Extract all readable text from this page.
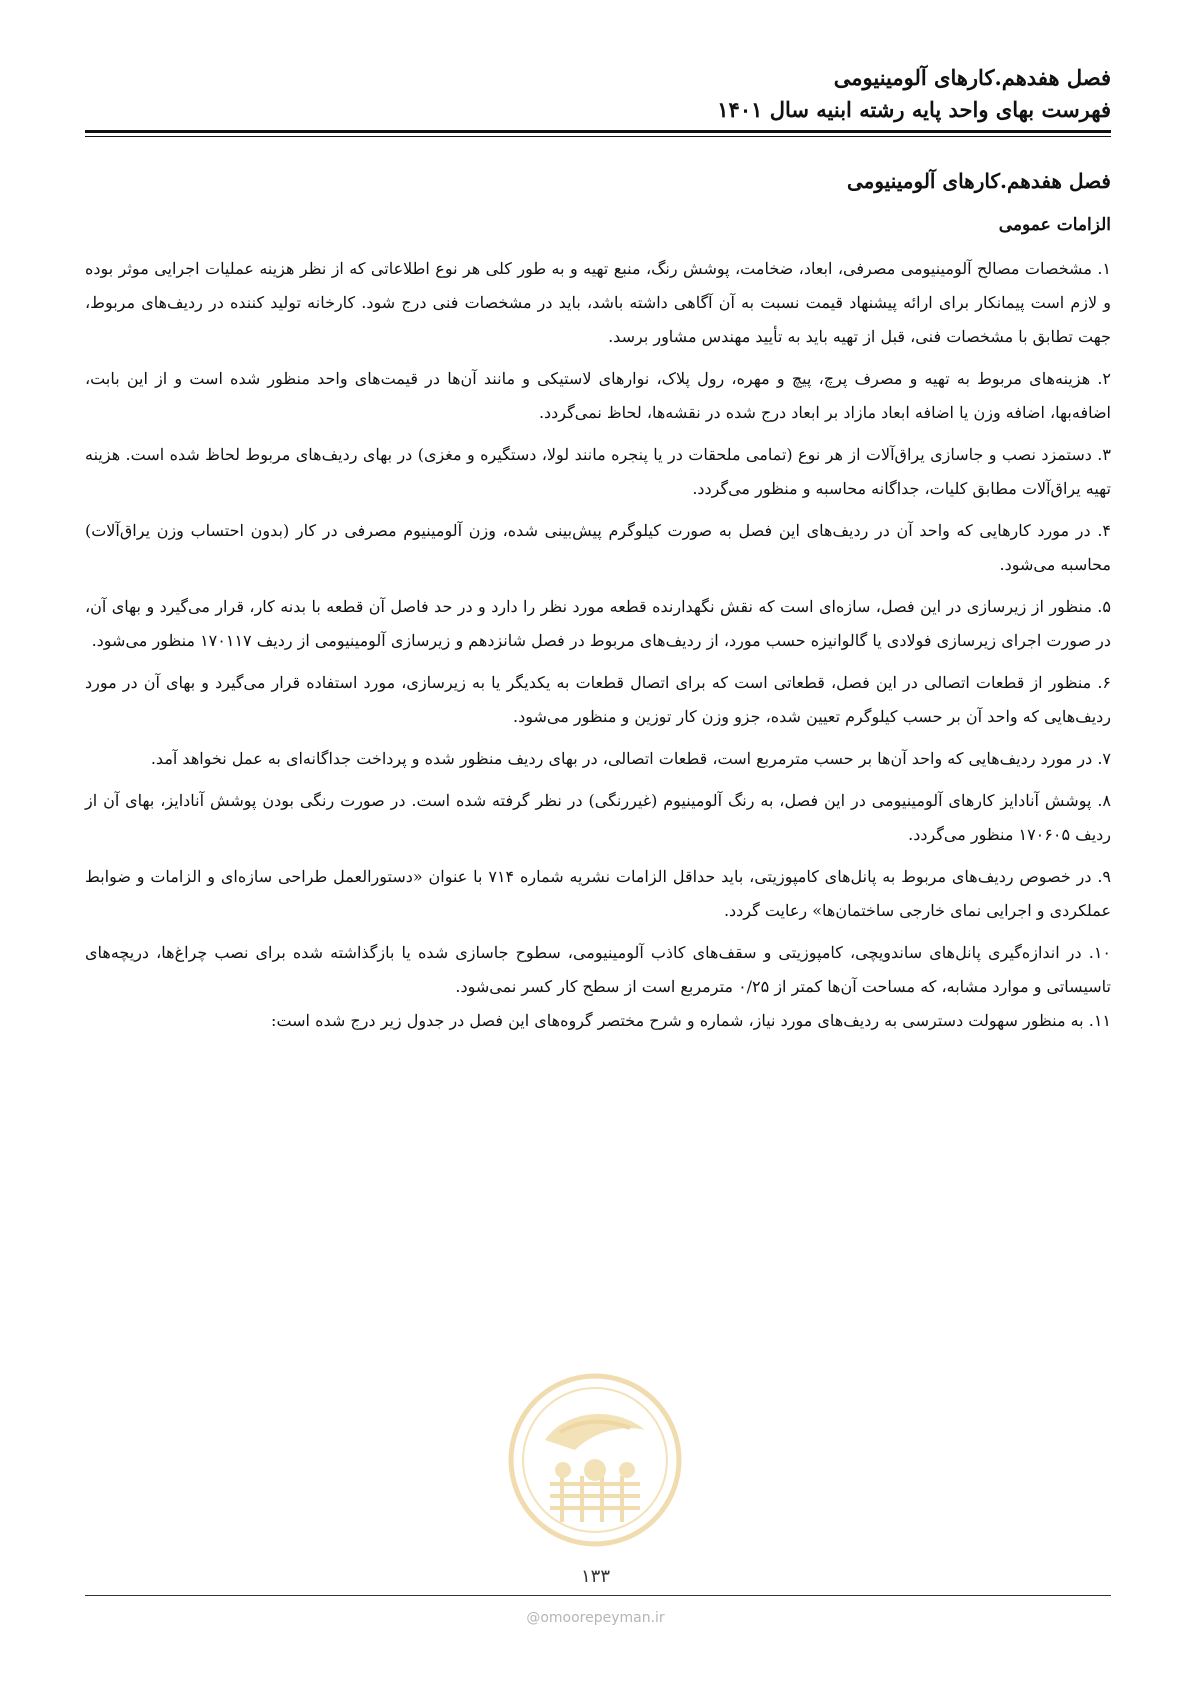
فصل هفدهم.کارهای آلومینیومی
فهرست بهای واحد پایه رشته ابنیه سال ۱۴۰۱
فصل هفدهم.کارهای آلومینیومی
الزامات عمومی

۱. مشخصات مصالح آلومینیومی مصرفی، ابعاد، ضخامت، پوشش رنگ، منبع تهیه و به طور کلی هر نوع اطلاعاتی که از نظر هزینه عملیات اجرایی موثر بوده و لازم است پیمانکار برای ارائه پیشنهاد قیمت نسبت به آن آگاهی داشته باشد، باید در مشخصات فنی درج شود. کارخانه تولید کننده در ردیف‌های مربوط، جهت تطابق با مشخصات فنی، قبل از تهیه باید به تأیید مهندس مشاور برسد.

۲. هزینه‌های مربوط به تهیه و مصرف پرچ، پیچ و مهره، رول پلاک، نوارهای لاستیکی و مانند آن‌ها در قیمت‌های واحد منظور شده است و از این بابت، اضافه‌بها، اضافه وزن یا اضافه ابعاد مازاد بر ابعاد درج شده در نقشه‌ها، لحاظ نمی‌گردد.

۳. دستمزد نصب و جاسازی یراق‌آلات از هر نوع (تمامی ملحقات در یا پنجره مانند لولا، دستگیره و مغزی) در بهای ردیف‌های مربوط لحاظ شده است. هزینه تهیه یراق‌آلات مطابق کلیات، جداگانه محاسبه و منظور می‌گردد.

۴. در مورد کارهایی که واحد آن در ردیف‌های این فصل به صورت کیلوگرم پیش‌بینی شده، وزن آلومینیوم مصرفی در کار (بدون احتساب وزن یراق‌آلات) محاسبه می‌شود.

۵. منظور از زیرسازی در این فصل، سازه‌ای است که نقش نگهدارنده قطعه مورد نظر را دارد و در حد فاصل آن قطعه با بدنه کار، قرار می‌گیرد و بهای آن، در صورت اجرای زیرسازی فولادی یا گالوانیزه حسب مورد، از ردیف‌های مربوط در فصل شانزدهم و زیرسازی آلومینیومی از ردیف ۱۷۰۱۱۷ منظور می‌شود.

۶. منظور از قطعات اتصالی در این فصل، قطعاتی است که برای اتصال قطعات به یکدیگر یا به زیرسازی، مورد استفاده قرار می‌گیرد و بهای آن در مورد ردیف‌هایی که واحد آن بر حسب کیلوگرم تعیین شده، جزو وزن کار توزین و منظور می‌شود.

۷. در مورد ردیف‌هایی که واحد آن‌ها بر حسب مترمربع است، قطعات اتصالی، در بهای ردیف منظور شده و پرداخت جداگانه‌ای به عمل نخواهد آمد.

۸. پوشش آنادایز کارهای آلومینیومی در این فصل، به رنگ آلومینیوم (غیررنگی) در نظر گرفته شده است. در صورت رنگی بودن پوشش آنادایز، بهای آن از ردیف ۱۷۰۶۰۵ منظور می‌گردد.

۹. در خصوص ردیف‌های مربوط به پانل‌های کامپوزیتی، باید حداقل الزامات نشریه شماره ۷۱۴ با عنوان «دستورالعمل طراحی سازه‌ای و الزامات و ضوابط عملکردی و اجرایی نمای خارجی ساختمان‌ها» رعایت گردد.

۱۰. در اندازه‌گیری پانل‌های ساندویچی، کامپوزیتی و سقف‌های کاذب آلومینیومی، سطوح جاسازی شده یا بازگذاشته شده برای نصب چراغ‌ها، دریچه‌های تاسیساتی و موارد مشابه، که مساحت آن‌ها کمتر از ۰/۲۵ مترمربع است از سطح کار کسر نمی‌شود.

۱۱. به منظور سهولت دسترسی به ردیف‌های مورد نیاز، شماره و شرح مختصر گروه‌های این فصل در جدول زیر درج شده است:

۱۳۳
@omoorepeyman.ir
